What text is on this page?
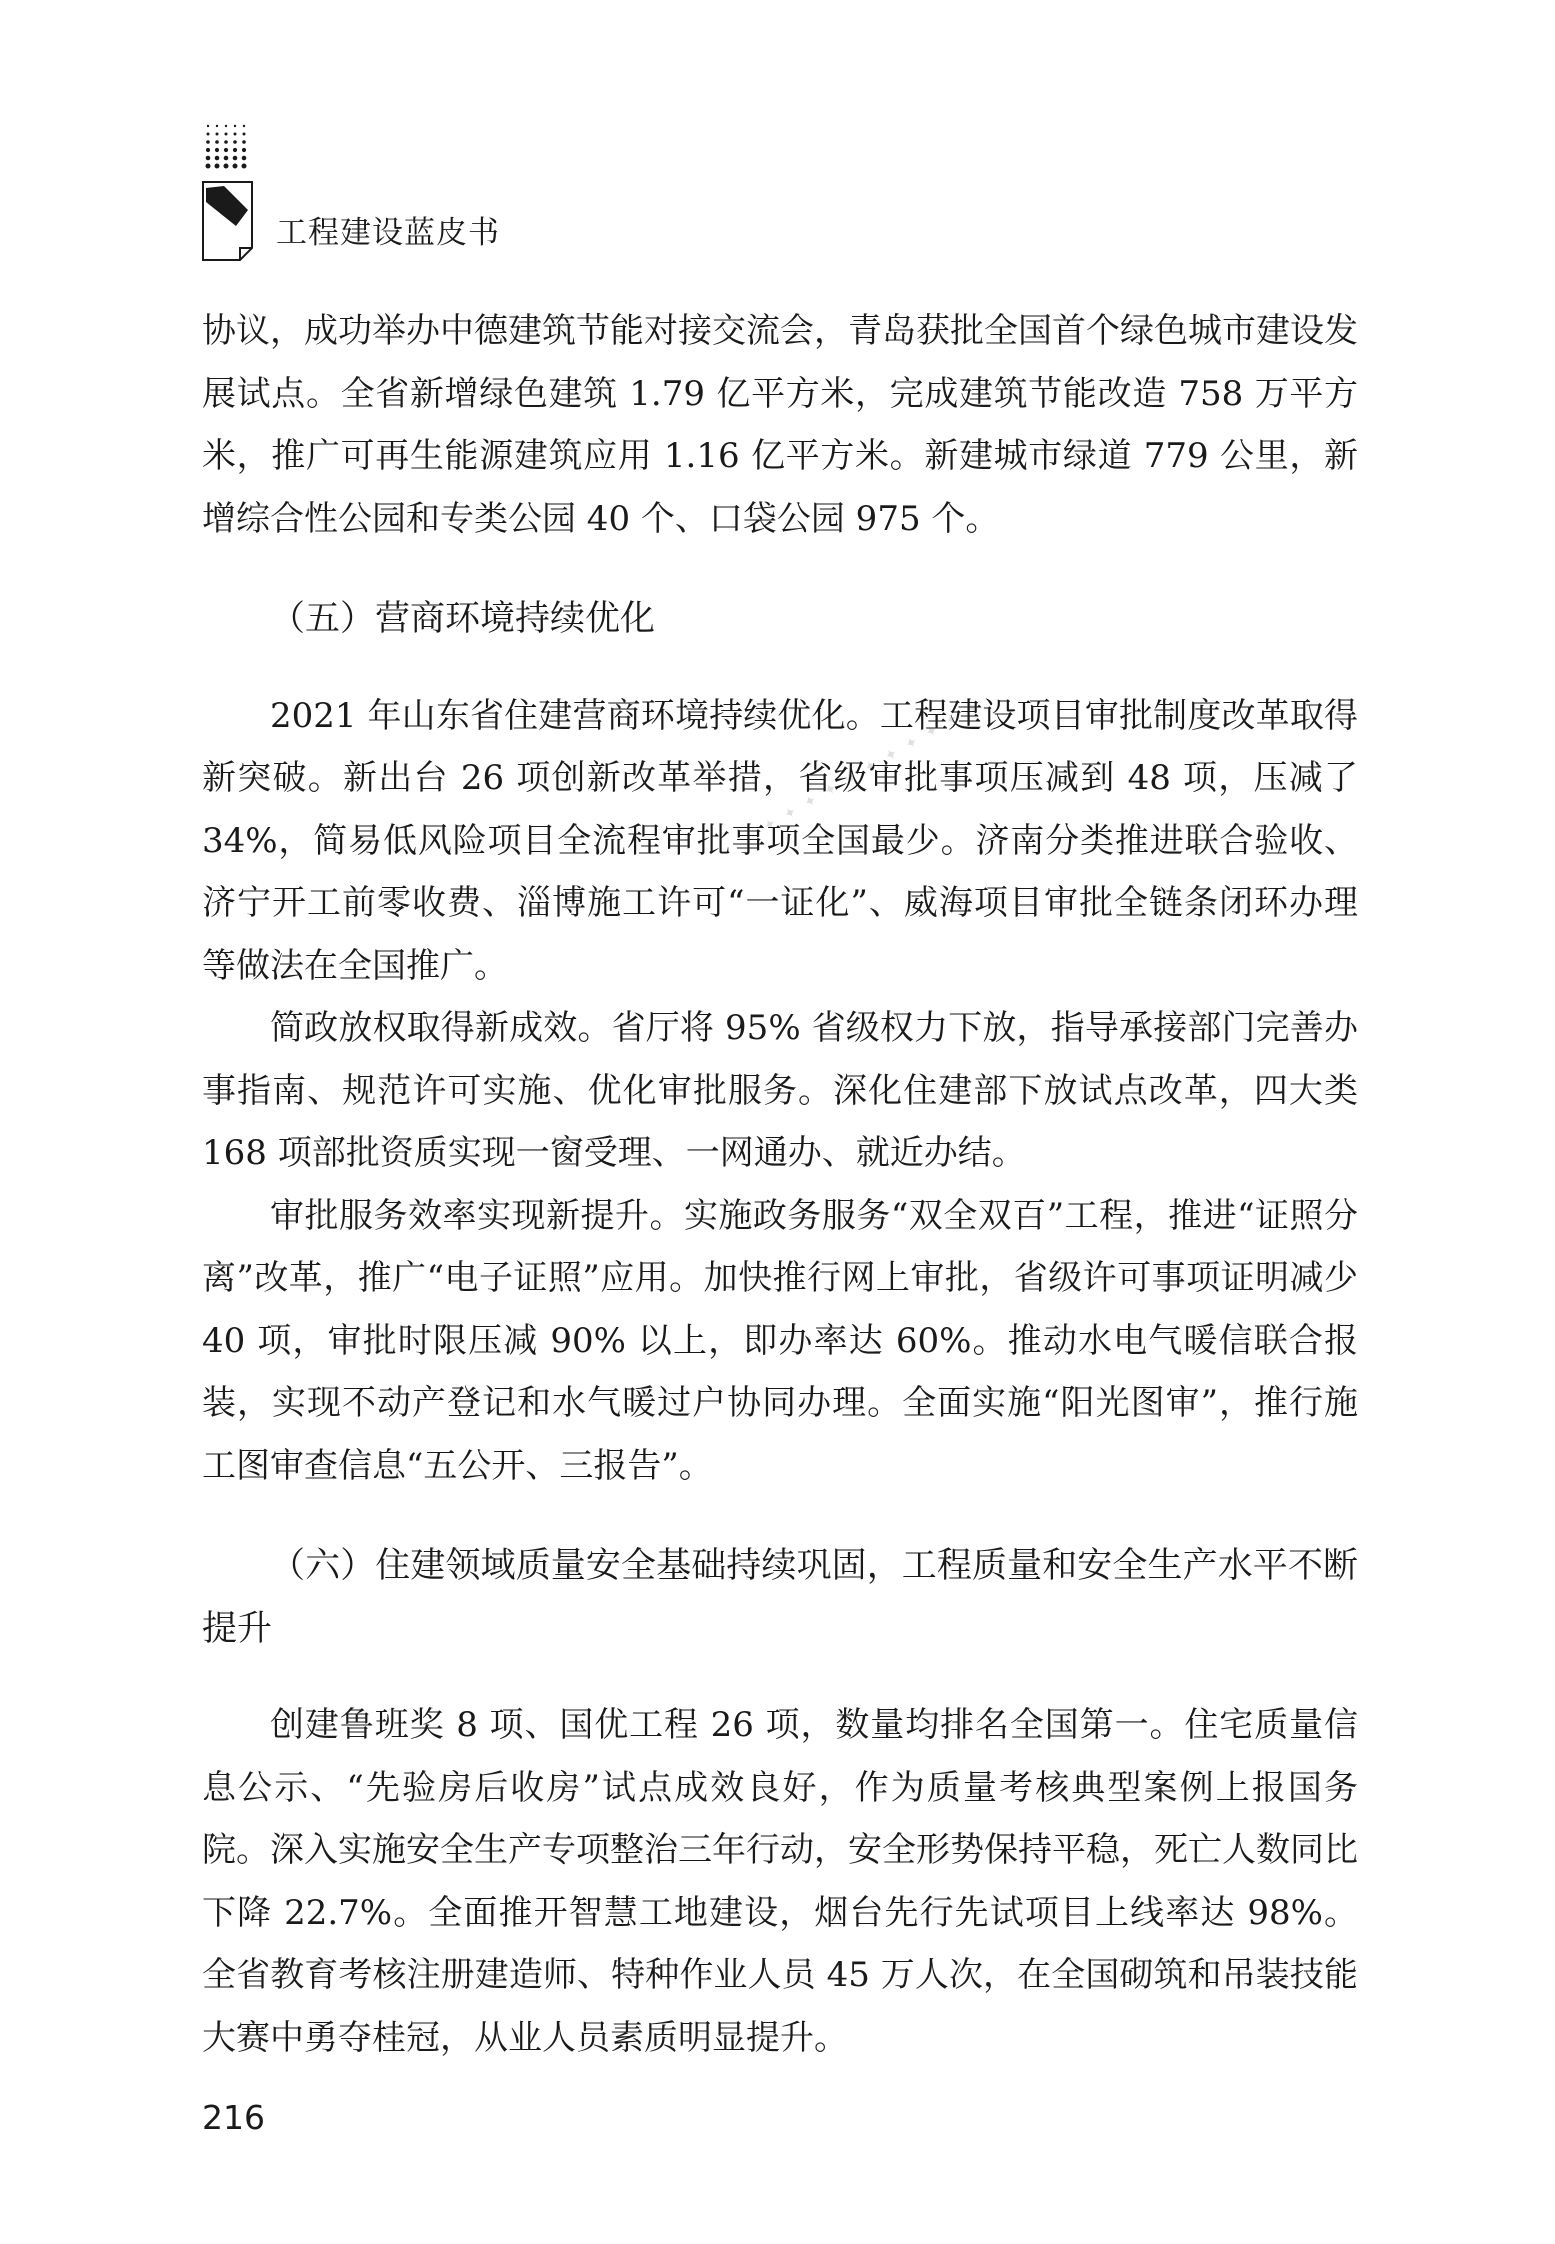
工程建设蓝皮书
✦ ✦ ✦ ✦ ✦ ✦ ✦ ✦ ✦ ✦ ✦

协议，成功举办中德建筑节能对接交流会，青岛获批全国首个绿色城市建设发展试点。全省新增绿色建筑 1.79 亿平方米，完成建筑节能改造 758 万平方米，推广可再生能源建筑应用 1.16 亿平方米。新建城市绿道 779 公里，新增综合性公园和专类公园 40 个、口袋公园 975 个。

（五）营商环境持续优化

2021 年山东省住建营商环境持续优化。工程建设项目审批制度改革取得新突破。新出台 26 项创新改革举措，省级审批事项压减到 48 项，压减了 34%，简易低风险项目全流程审批事项全国最少。济南分类推进联合验收、济宁开工前零收费、淄博施工许可“一证化”、威海项目审批全链条闭环办理等做法在全国推广。

简政放权取得新成效。省厅将 95% 省级权力下放，指导承接部门完善办事指南、规范许可实施、优化审批服务。深化住建部下放试点改革，四大类 168 项部批资质实现一窗受理、一网通办、就近办结。

审批服务效率实现新提升。实施政务服务“双全双百”工程，推进“证照分离”改革，推广“电子证照”应用。加快推行网上审批，省级许可事项证明减少 40 项，审批时限压减 90% 以上，即办率达 60%。推动水电气暖信联合报装，实现不动产登记和水气暖过户协同办理。全面实施“阳光图审”，推行施工图审查信息“五公开、三报告”。

（六）住建领域质量安全基础持续巩固，工程质量和安全生产水平不断提升

创建鲁班奖 8 项、国优工程 26 项，数量均排名全国第一。住宅质量信息公示、“先验房后收房”试点成效良好，作为质量考核典型案例上报国务院。深入实施安全生产专项整治三年行动，安全形势保持平稳，死亡人数同比下降 22.7%。全面推开智慧工地建设，烟台先行先试项目上线率达 98%。全省教育考核注册建造师、特种作业人员 45 万人次，在全国砌筑和吊装技能大赛中勇夺桂冠，从业人员素质明显提升。

216
